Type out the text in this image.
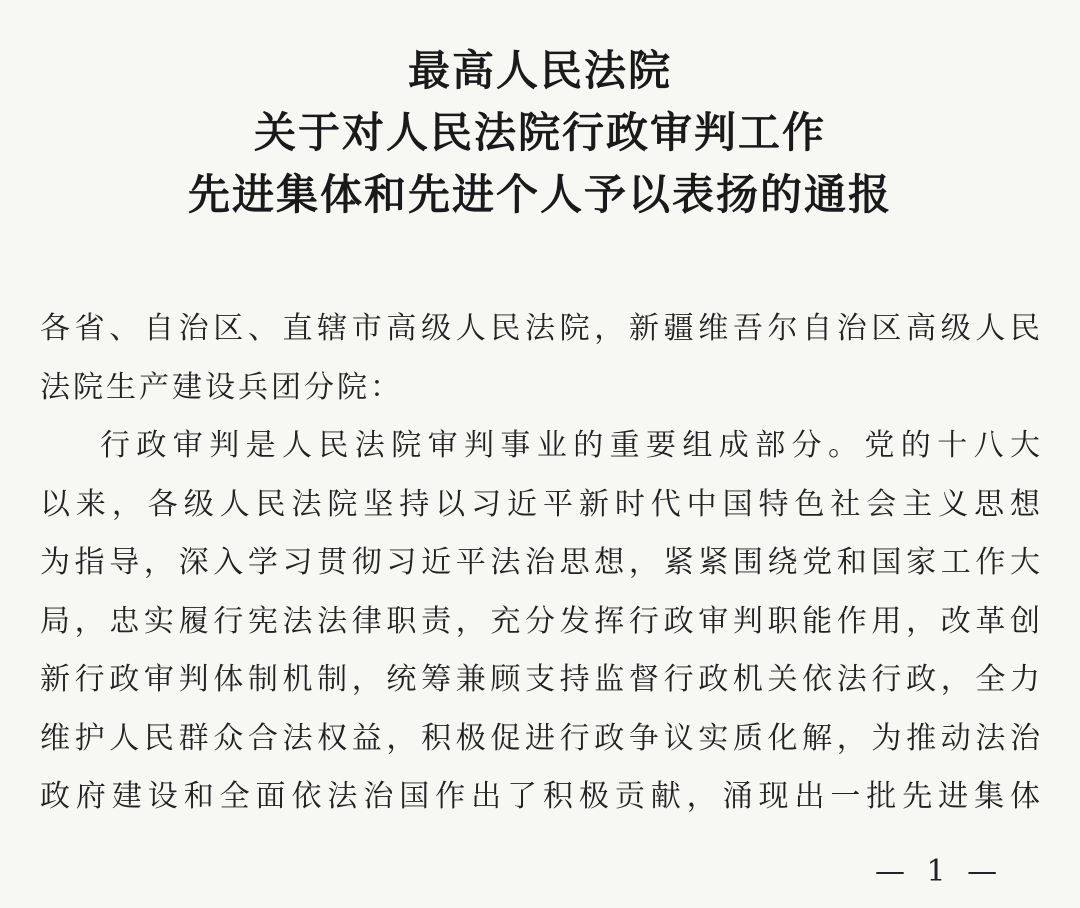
最高人民法院
关于对人民法院行政审判工作
先进集体和先进个人予以表扬的通报
各省、自治区、直辖市高级人民法院，新疆维吾尔自治区高级人民
法院生产建设兵团分院：
行政审判是人民法院审判事业的重要组成部分。党的十八大
以来，各级人民法院坚持以习近平新时代中国特色社会主义思想
为指导，深入学习贯彻习近平法治思想，紧紧围绕党和国家工作大
局，忠实履行宪法法律职责，充分发挥行政审判职能作用，改革创
新行政审判体制机制，统筹兼顾支持监督行政机关依法行政，全力
维护人民群众合法权益，积极促进行政争议实质化解，为推动法治
政府建设和全面依法治国作出了积极贡献，涌现出一批先进集体
— 1 —
